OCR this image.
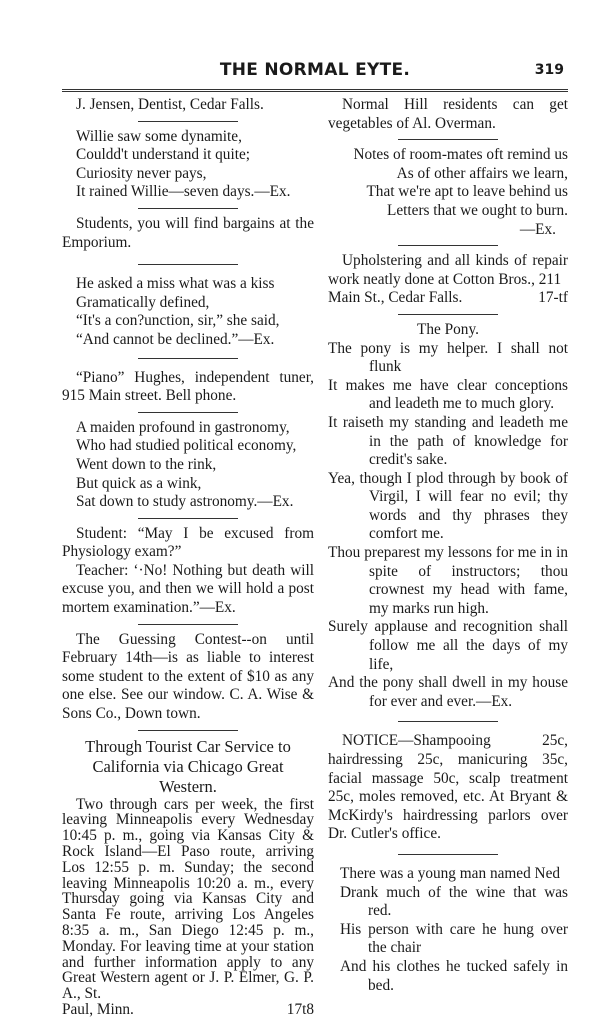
THE NORMAL EYTE.	319
J. Jensen, Dentist, Cedar Falls.
Willie saw some dynamite,
Couldd't understand it quite;
Curiosity never pays,
It rained Willie—seven days.—Ex.

Students, you will find bargains at the Emporium.

He asked a miss what was a kiss
Gramatically defined,
“It's a con?unction, sir,” she said,
“And cannot be declined.”—Ex.

“Piano” Hughes, independent tuner, 915 Main street. Bell phone.

A maiden profound in gastronomy,
Who had studied political economy,
Went down to the rink,
But quick as a wink,
Sat down to study astronomy.—Ex.

Student: “May I be excused from Physiology exam?”

Teacher: ‘·No! Nothing but death will excuse you, and then we will hold a post mortem examination.”—Ex.

The Guessing Contest--on until February 14th—is as liable to interest some student to the extent of $10 as any one else. See our window. C. A. Wise & Sons Co., Down town.

Through Tourist Car Service to California via Chicago Great Western.

Two through cars per week, the first leaving Minneapolis every Wednesday 10:45 p. m., going via Kansas City & Rock Island—El Paso route, arriving Los 12:55 p. m. Sunday; the second leaving Minneapolis 10:20 a. m., every Thursday going via Kansas City and Santa Fe route, arriving Los Angeles 8:35 a. m., San Diego 12:45 p. m., Monday. For leaving time at your station and further information apply to any Great Western agent or J. P. Elmer, G. P. A., St.

Paul, Minn.	17t8

Normal Hill residents can get vegetables of Al. Overman.

Notes of room-mates oft remind us
As of other affairs we learn,
That we're apt to leave behind us
Letters that we ought to burn.
—Ex.

Upholstering and all kinds of repair work neatly done at Cotton Bros., 211

Main St., Cedar Falls.	17-tf
The Pony.
The pony is my helper. I shall not flunk
It makes me have clear conceptions and leadeth me to much glory.
It raiseth my standing and leadeth me in the path of knowledge for credit's sake.
Yea, though I plod through by book of Virgil, I will fear no evil; thy words and thy phrases they comfort me.
Thou preparest my lessons for me in in spite of instructors; thou crownest my head with fame, my marks run high.
Surely applause and recognition shall follow me all the days of my life,
And the pony shall dwell in my house for ever and ever.—Ex.

NOTICE—Shampooing 25c, hairdressing 25c, manicuring 35c, facial massage 50c, scalp treatment 25c, moles removed, etc. At Bryant & McKirdy's hairdressing parlors over Dr. Cutler's office.

There was a young man named Ned
Drank much of the wine that was red.
His person with care he hung over the chair
And his clothes he tucked safely in bed.
